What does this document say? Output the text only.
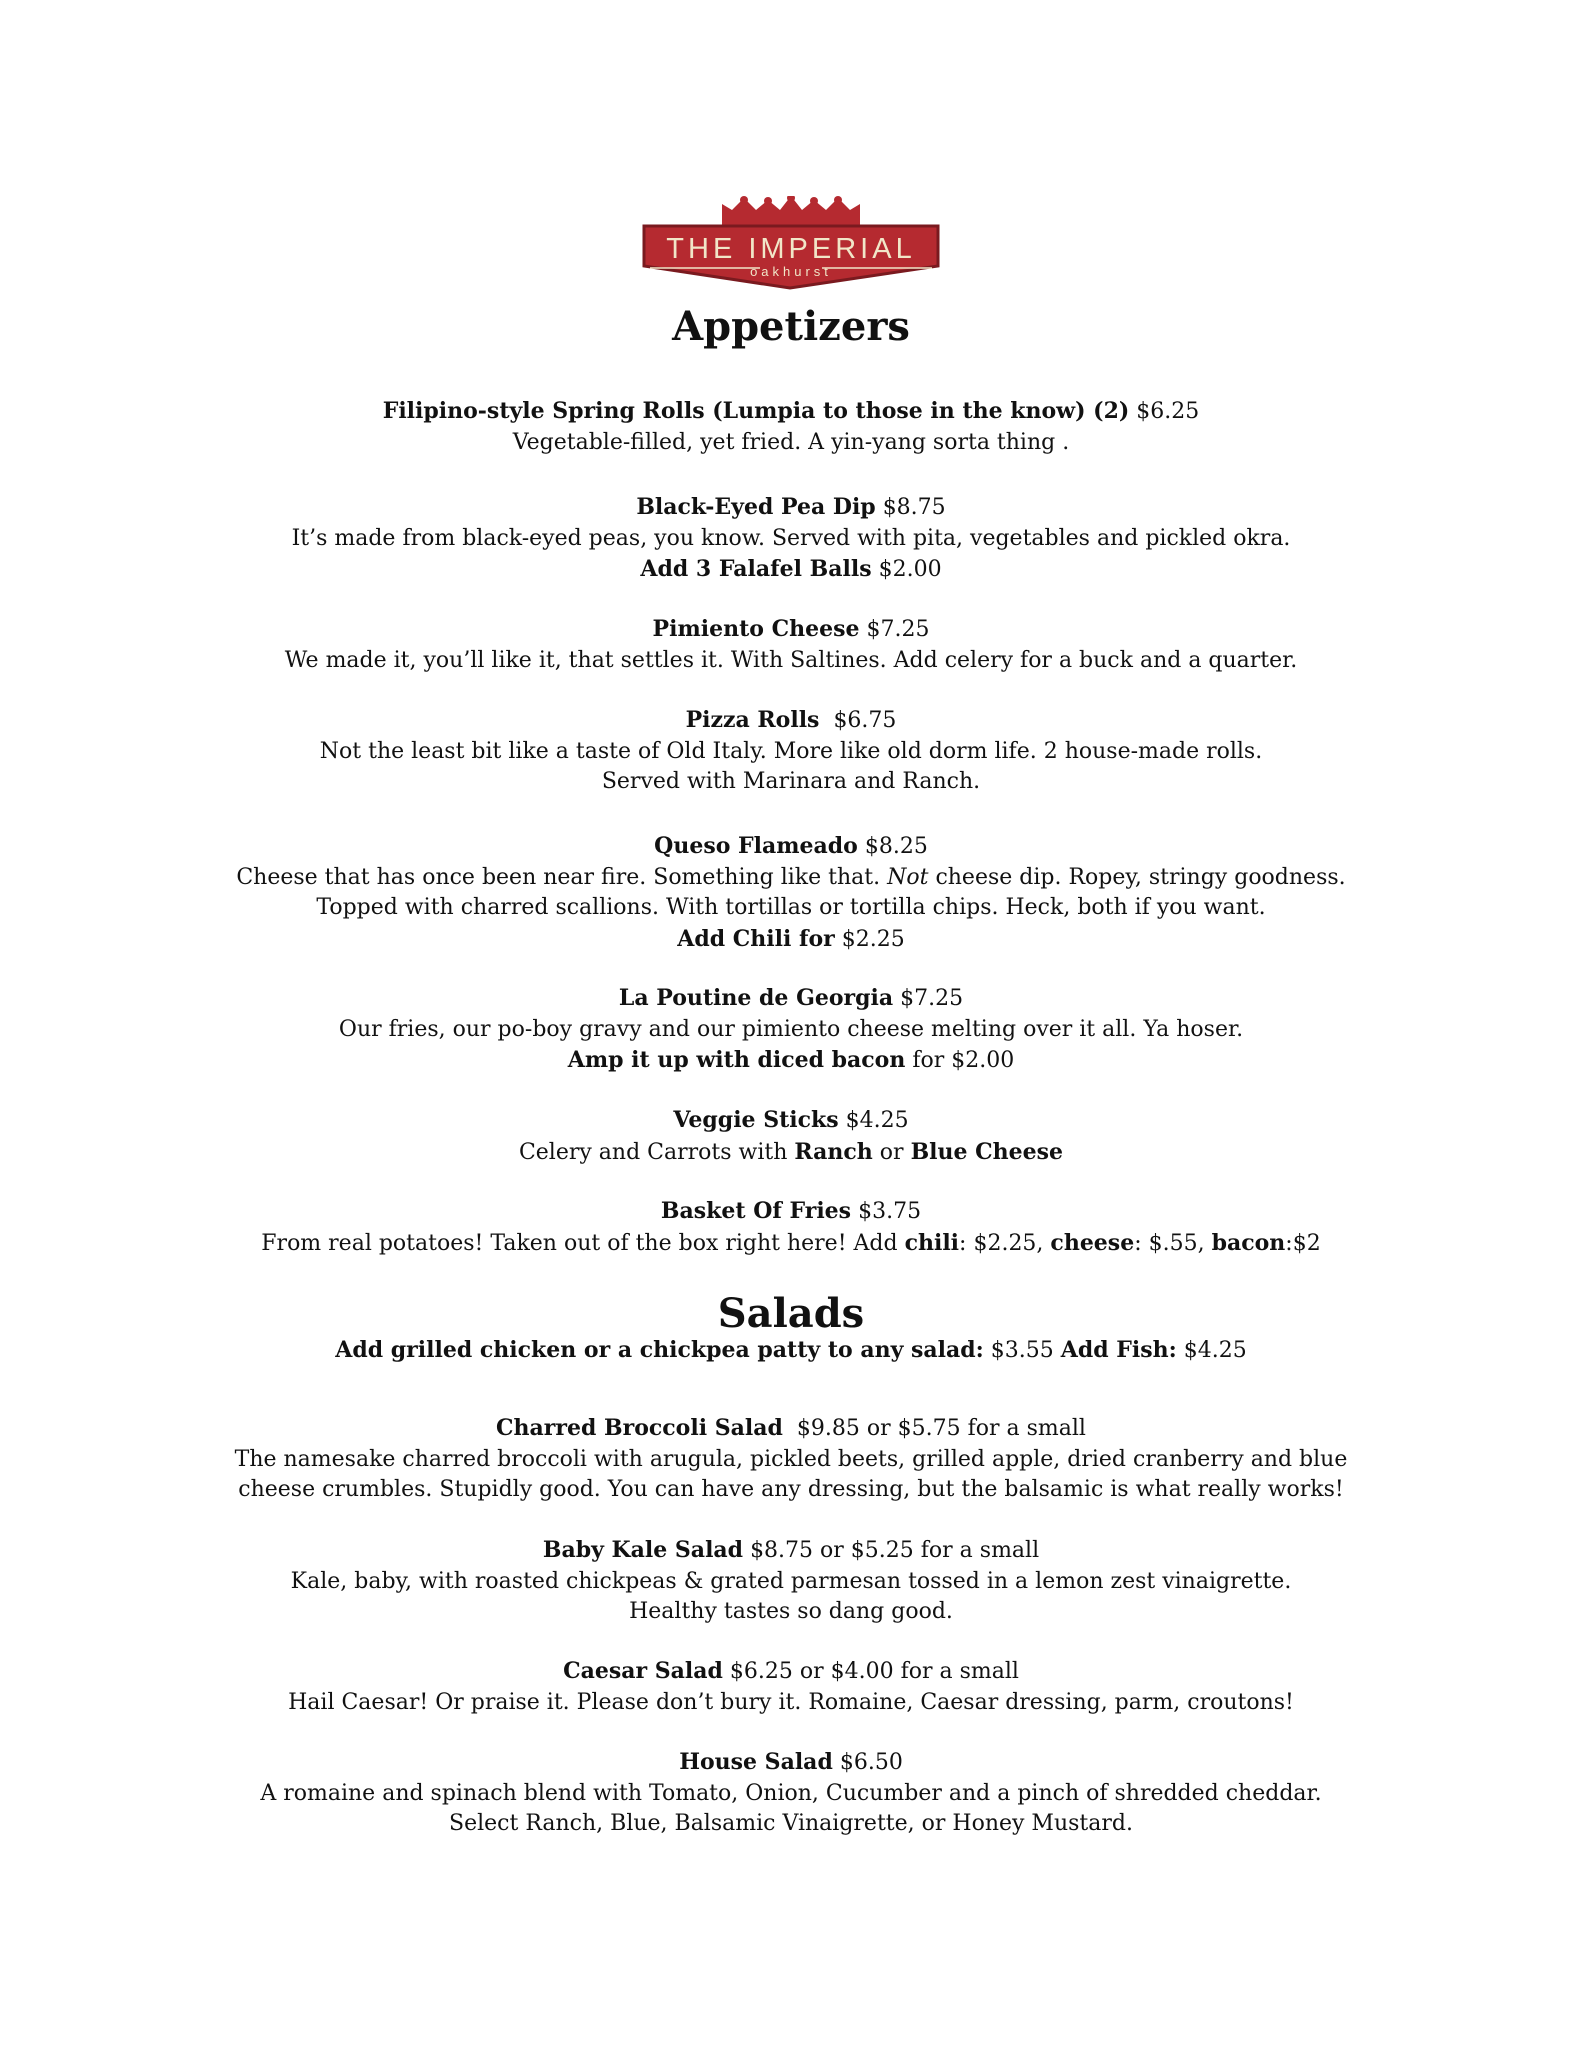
THE IMPERIAL
oakhurst
Appetizers

Filipino-style Spring Rolls (Lumpia to those in the know) (2) $6.25

Vegetable-filled, yet fried. A yin-yang sorta thing .

Black-Eyed Pea Dip $8.75

It’s made from black-eyed peas, you know. Served with pita, vegetables and pickled okra.

Add 3 Falafel Balls $2.00

Pimiento Cheese $7.25

We made it, you’ll like it, that settles it. With Saltines. Add celery for a buck and a quarter.

Pizza Rolls $6.75

Not the least bit like a taste of Old Italy. More like old dorm life. 2 house-made rolls.

Served with Marinara and Ranch.

Queso Flameado $8.25

Cheese that has once been near fire. Something like that. Not cheese dip. Ropey, stringy goodness.

Topped with charred scallions. With tortillas or tortilla chips. Heck, both if you want.

Add Chili for $2.25

La Poutine de Georgia $7.25

Our fries, our po-boy gravy and our pimiento cheese melting over it all. Ya hoser.

Amp it up with diced bacon for $2.00

Veggie Sticks $4.25

Celery and Carrots with Ranch or Blue Cheese

Basket Of Fries $3.75

From real potatoes! Taken out of the box right here! Add chili: $2.25, cheese: $.55, bacon:$2

Salads

Add grilled chicken or a chickpea patty to any salad: $3.55 Add Fish: $4.25

Charred Broccoli Salad $9.85 or $5.75 for a small

The namesake charred broccoli with arugula, pickled beets, grilled apple, dried cranberry and blue

cheese crumbles. Stupidly good. You can have any dressing, but the balsamic is what really works!

Baby Kale Salad $8.75 or $5.25 for a small

Kale, baby, with roasted chickpeas & grated parmesan tossed in a lemon zest vinaigrette.

Healthy tastes so dang good.

Caesar Salad $6.25 or $4.00 for a small

Hail Caesar! Or praise it. Please don’t bury it. Romaine, Caesar dressing, parm, croutons!

House Salad $6.50

A romaine and spinach blend with Tomato, Onion, Cucumber and a pinch of shredded cheddar.

Select Ranch, Blue, Balsamic Vinaigrette, or Honey Mustard.
